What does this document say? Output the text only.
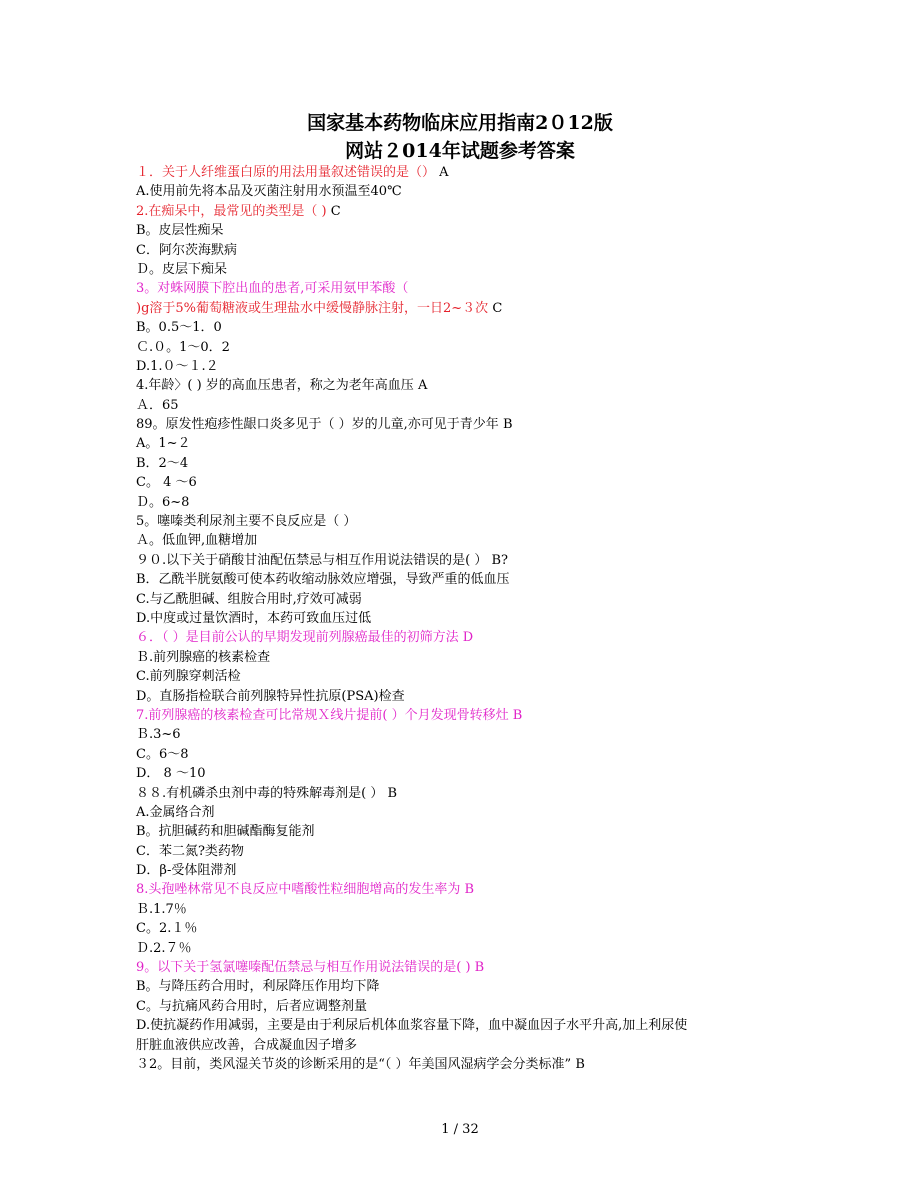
国家基本药物临床应用指南2０12版
网站２014年试题参考答案
１．关于人纤维蛋白原的用法用量叙述错误的是（） A
A.使用前先将本品及灭菌注射用水预温至40℃
2.在痴呆中，最常见的类型是（ ) C
B。皮层性痴呆
C．阿尔茨海默病
Ｄ。皮层下痴呆
3。对蛛网膜下腔出血的患者,可采用氨甲苯酸（
)g溶于5%葡萄糖液或生理盐水中缓慢静脉注射，一日2~３次 C
B。0.5～1．0
Ｃ.０。1～0．2
D.1.０～１.２
4.年龄〉( ) 岁的高血压患者，称之为老年高血压 A
Ａ．65
89。原发性疱疹性龈口炎多见于（ ）岁的儿童,亦可见于青少年 B
A。1~２
B．2～4
C。 4 ～6
Ｄ。6~8
5。噻嗪类利尿剂主要不良反应是（ ）
Ａ。低血钾,血糖增加
９０.以下关于硝酸甘油配伍禁忌与相互作用说法错误的是( ） B?
B．乙酰半胱氨酸可使本药收缩动脉效应增强，导致严重的低血压
C.与乙酰胆碱、组胺合用时,疗效可减弱
D.中度或过量饮酒时，本药可致血压过低
６．（ ）是目前公认的早期发现前列腺癌最佳的初筛方法 D
Ｂ.前列腺癌的核素检查
C.前列腺穿刺活检
D。直肠指检联合前列腺特异性抗原(PSA)检查
7.前列腺癌的核素检查可比常规Ｘ线片提前( ）个月发现骨转移灶 B
Ｂ.3~6
C。6～8
D． 8 ～10
８８.有机磷杀虫剂中毒的特殊解毒剂是( ） B
A.金属络合剂
B。抗胆碱药和胆碱酯酶复能剂
C．苯二氮?类药物
D．β-受体阻滞剂
8.头孢唑林常见不良反应中嗜酸性粒细胞增高的发生率为 B
Ｂ.1.7％
C。2.１％
Ｄ.2.７％
9。以下关于氢氯噻嗪配伍禁忌与相互作用说法错误的是( ) B
B。与降压药合用时，利尿降压作用均下降
C。与抗痛风药合用时，后者应调整剂量
D.使抗凝药作用减弱，主要是由于利尿后机体血浆容量下降，血中凝血因子水平升高,加上利尿使
肝脏血液供应改善，合成凝血因子增多
３2。目前，类风湿关节炎的诊断采用的是“（ ）年美国风湿病学会分类标准” B
1 / 32
